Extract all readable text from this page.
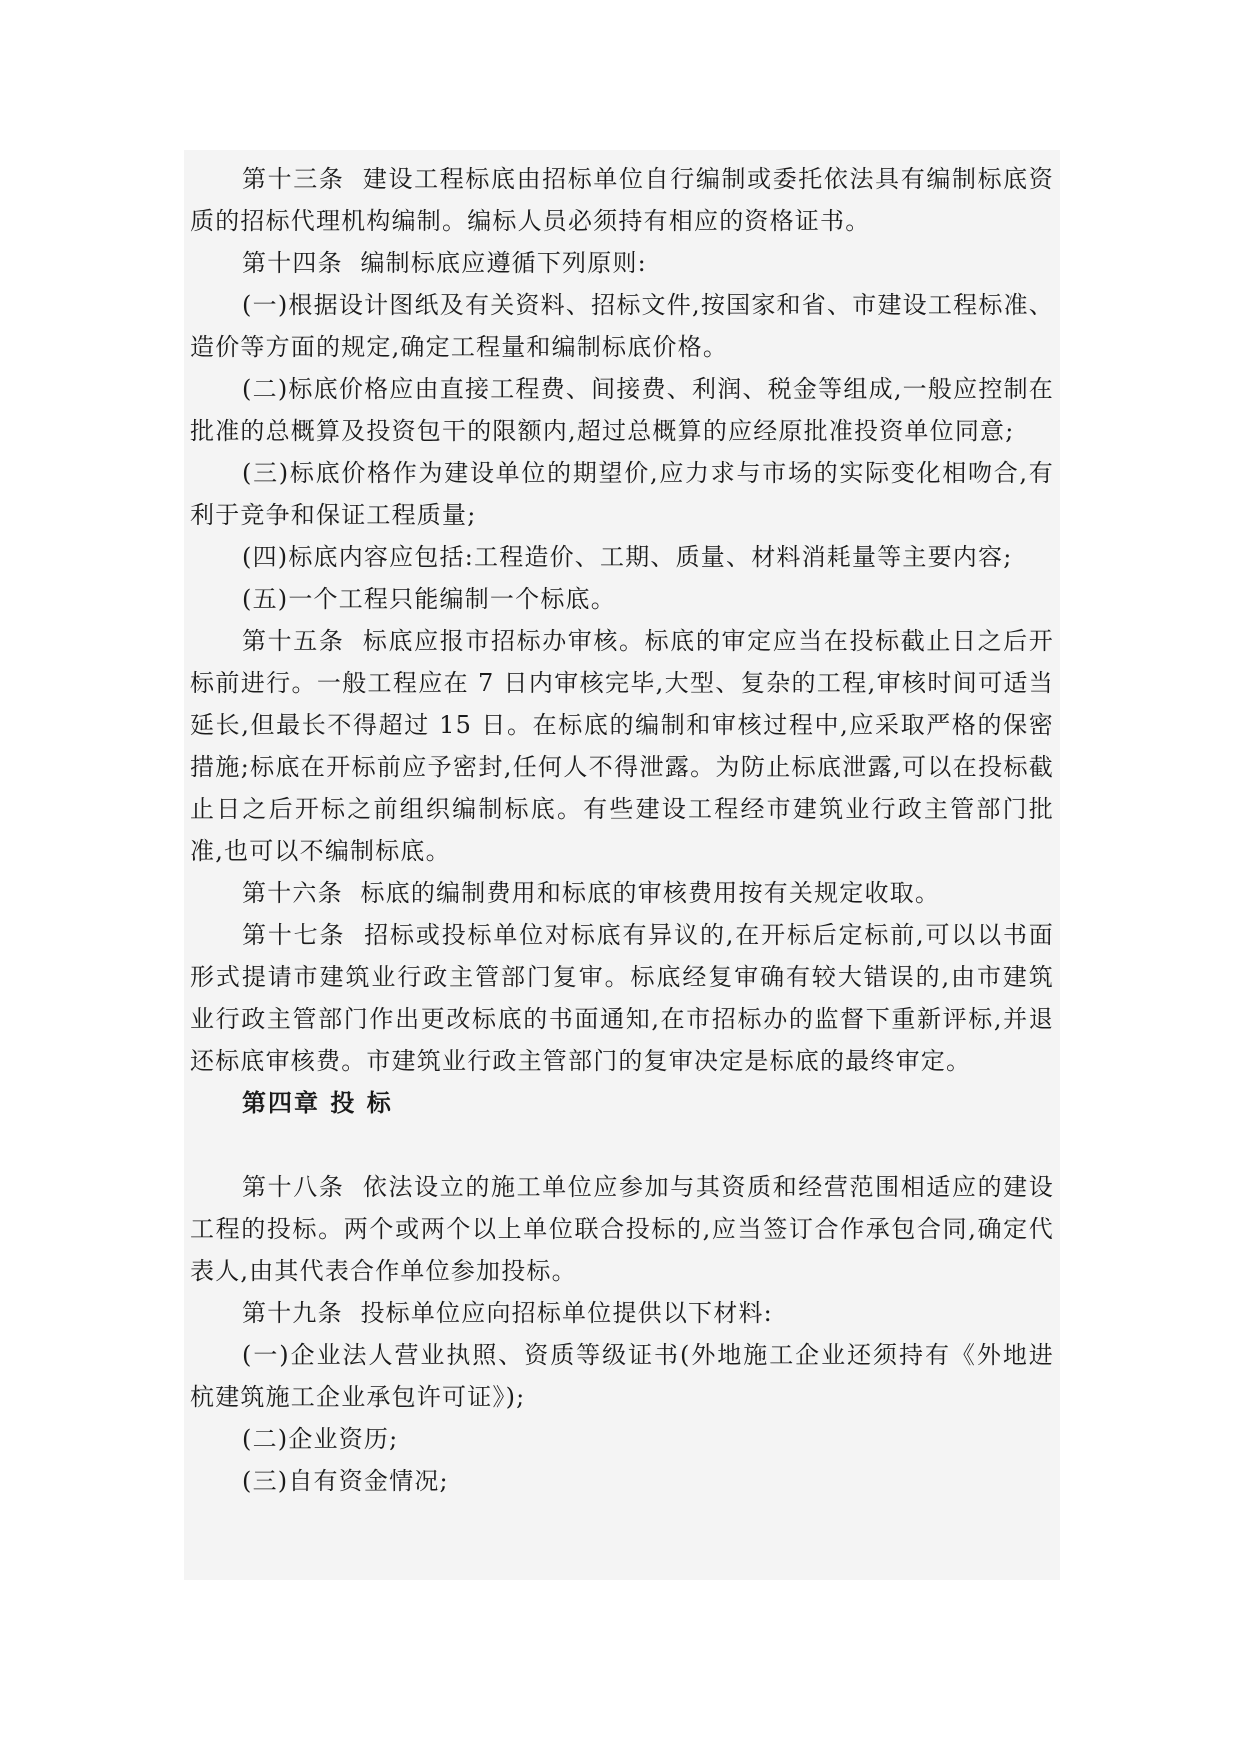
第十三条  建设工程标底由招标单位自行编制或委托依法具有编制标底资质的招标代理机构编制。编标人员必须持有相应的资格证书。

第十四条  编制标底应遵循下列原则:

(一)根据设计图纸及有关资料、招标文件,按国家和省、市建设工程标准、造价等方面的规定,确定工程量和编制标底价格。

(二)标底价格应由直接工程费、间接费、利润、税金等组成,一般应控制在批准的总概算及投资包干的限额内,超过总概算的应经原批准投资单位同意;

(三)标底价格作为建设单位的期望价,应力求与市场的实际变化相吻合,有利于竞争和保证工程质量;

(四)标底内容应包括:工程造价、工期、质量、材料消耗量等主要内容;

(五)一个工程只能编制一个标底。

第十五条  标底应报市招标办审核。标底的审定应当在投标截止日之后开标前进行。一般工程应在 7 日内审核完毕,大型、复杂的工程,审核时间可适当延长,但最长不得超过 15 日。在标底的编制和审核过程中,应采取严格的保密措施;标底在开标前应予密封,任何人不得泄露。为防止标底泄露,可以在投标截止日之后开标之前组织编制标底。有些建设工程经市建筑业行政主管部门批准,也可以不编制标底。

第十六条  标底的编制费用和标底的审核费用按有关规定收取。

第十七条  招标或投标单位对标底有异议的,在开标后定标前,可以以书面形式提请市建筑业行政主管部门复审。标底经复审确有较大错误的,由市建筑业行政主管部门作出更改标底的书面通知,在市招标办的监督下重新评标,并退还标底审核费。市建筑业行政主管部门的复审决定是标底的最终审定。

第四章 投 标

第十八条  依法设立的施工单位应参加与其资质和经营范围相适应的建设工程的投标。两个或两个以上单位联合投标的,应当签订合作承包合同,确定代表人,由其代表合作单位参加投标。

第十九条  投标单位应向招标单位提供以下材料:

(一)企业法人营业执照、资质等级证书(外地施工企业还须持有《外地进杭建筑施工企业承包许可证》);

(二)企业资历;

(三)自有资金情况;
